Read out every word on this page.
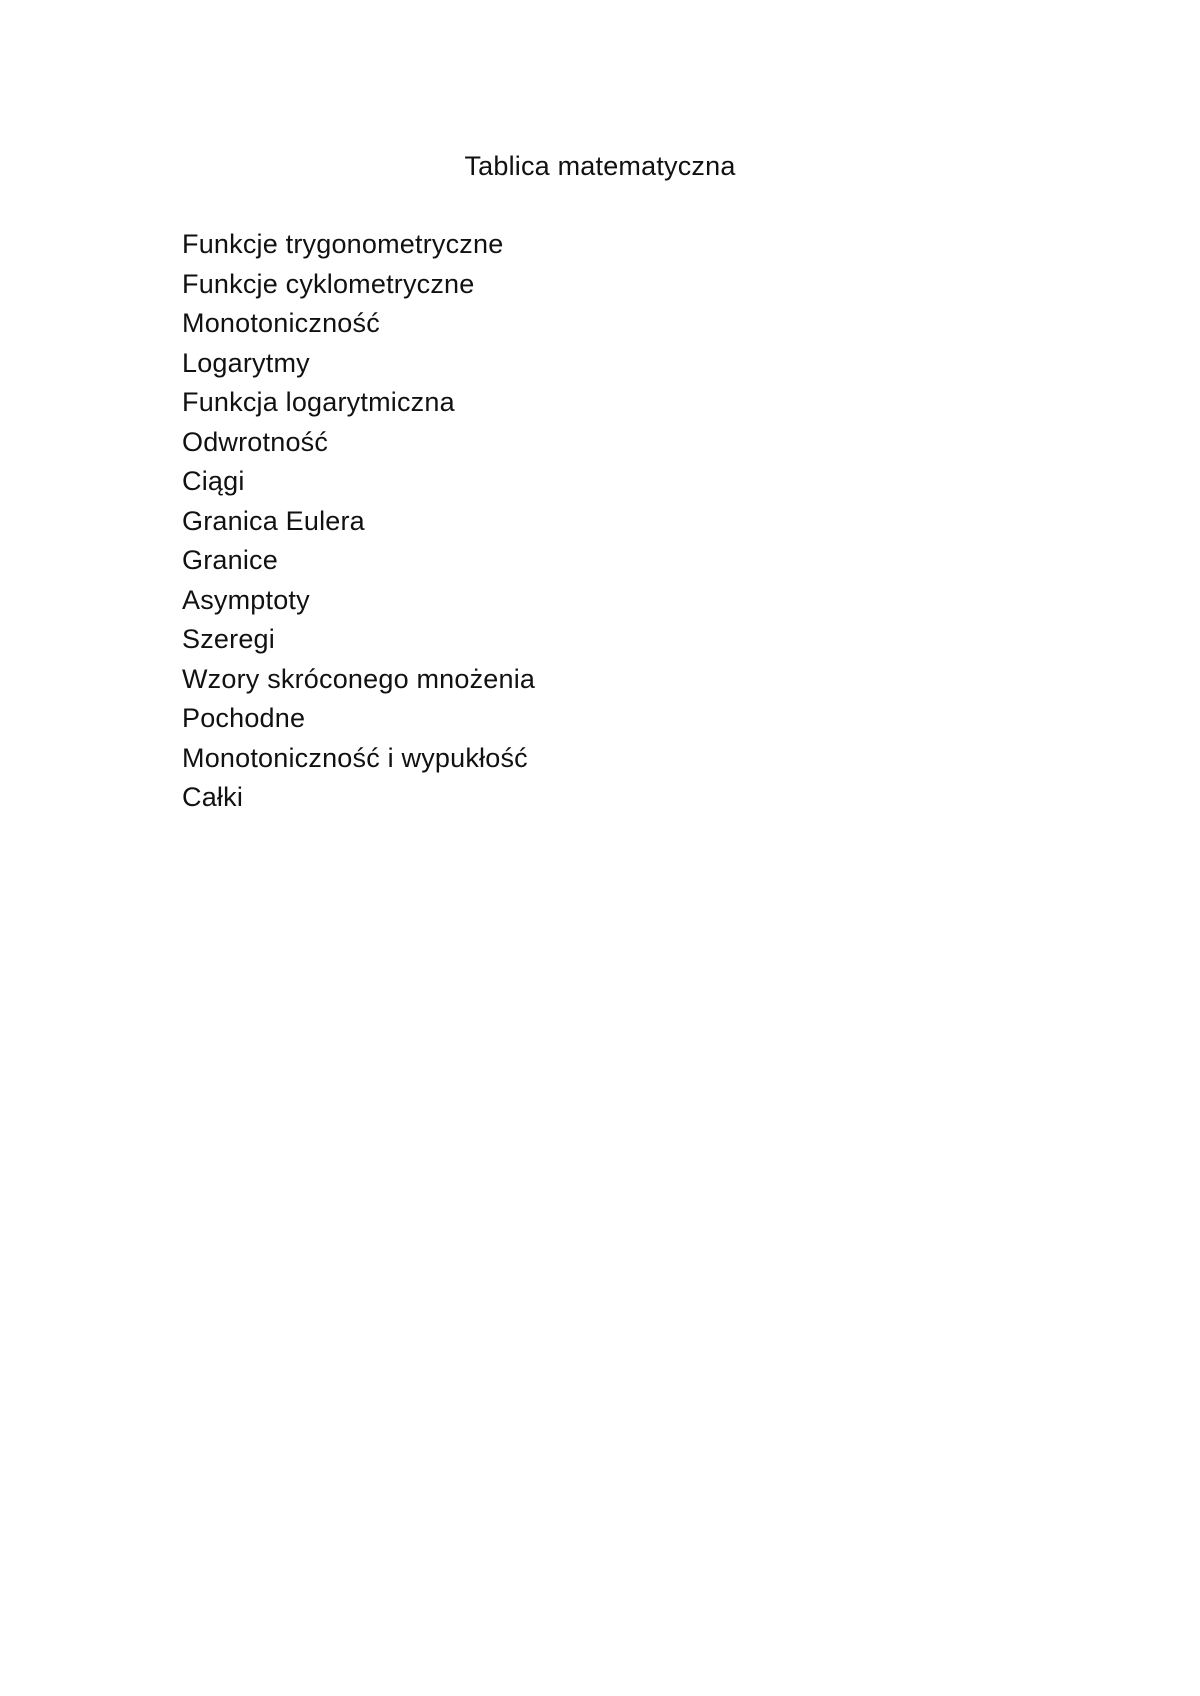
Tablica matematyczna
Funkcje trygonometryczne
Funkcje cyklometryczne
Monotoniczność
Logarytmy
Funkcja logarytmiczna
Odwrotność
Ciągi
Granica Eulera
Granice
Asymptoty
Szeregi
Wzory skróconego mnożenia
Pochodne
Monotoniczność i wypukłość
Całki
